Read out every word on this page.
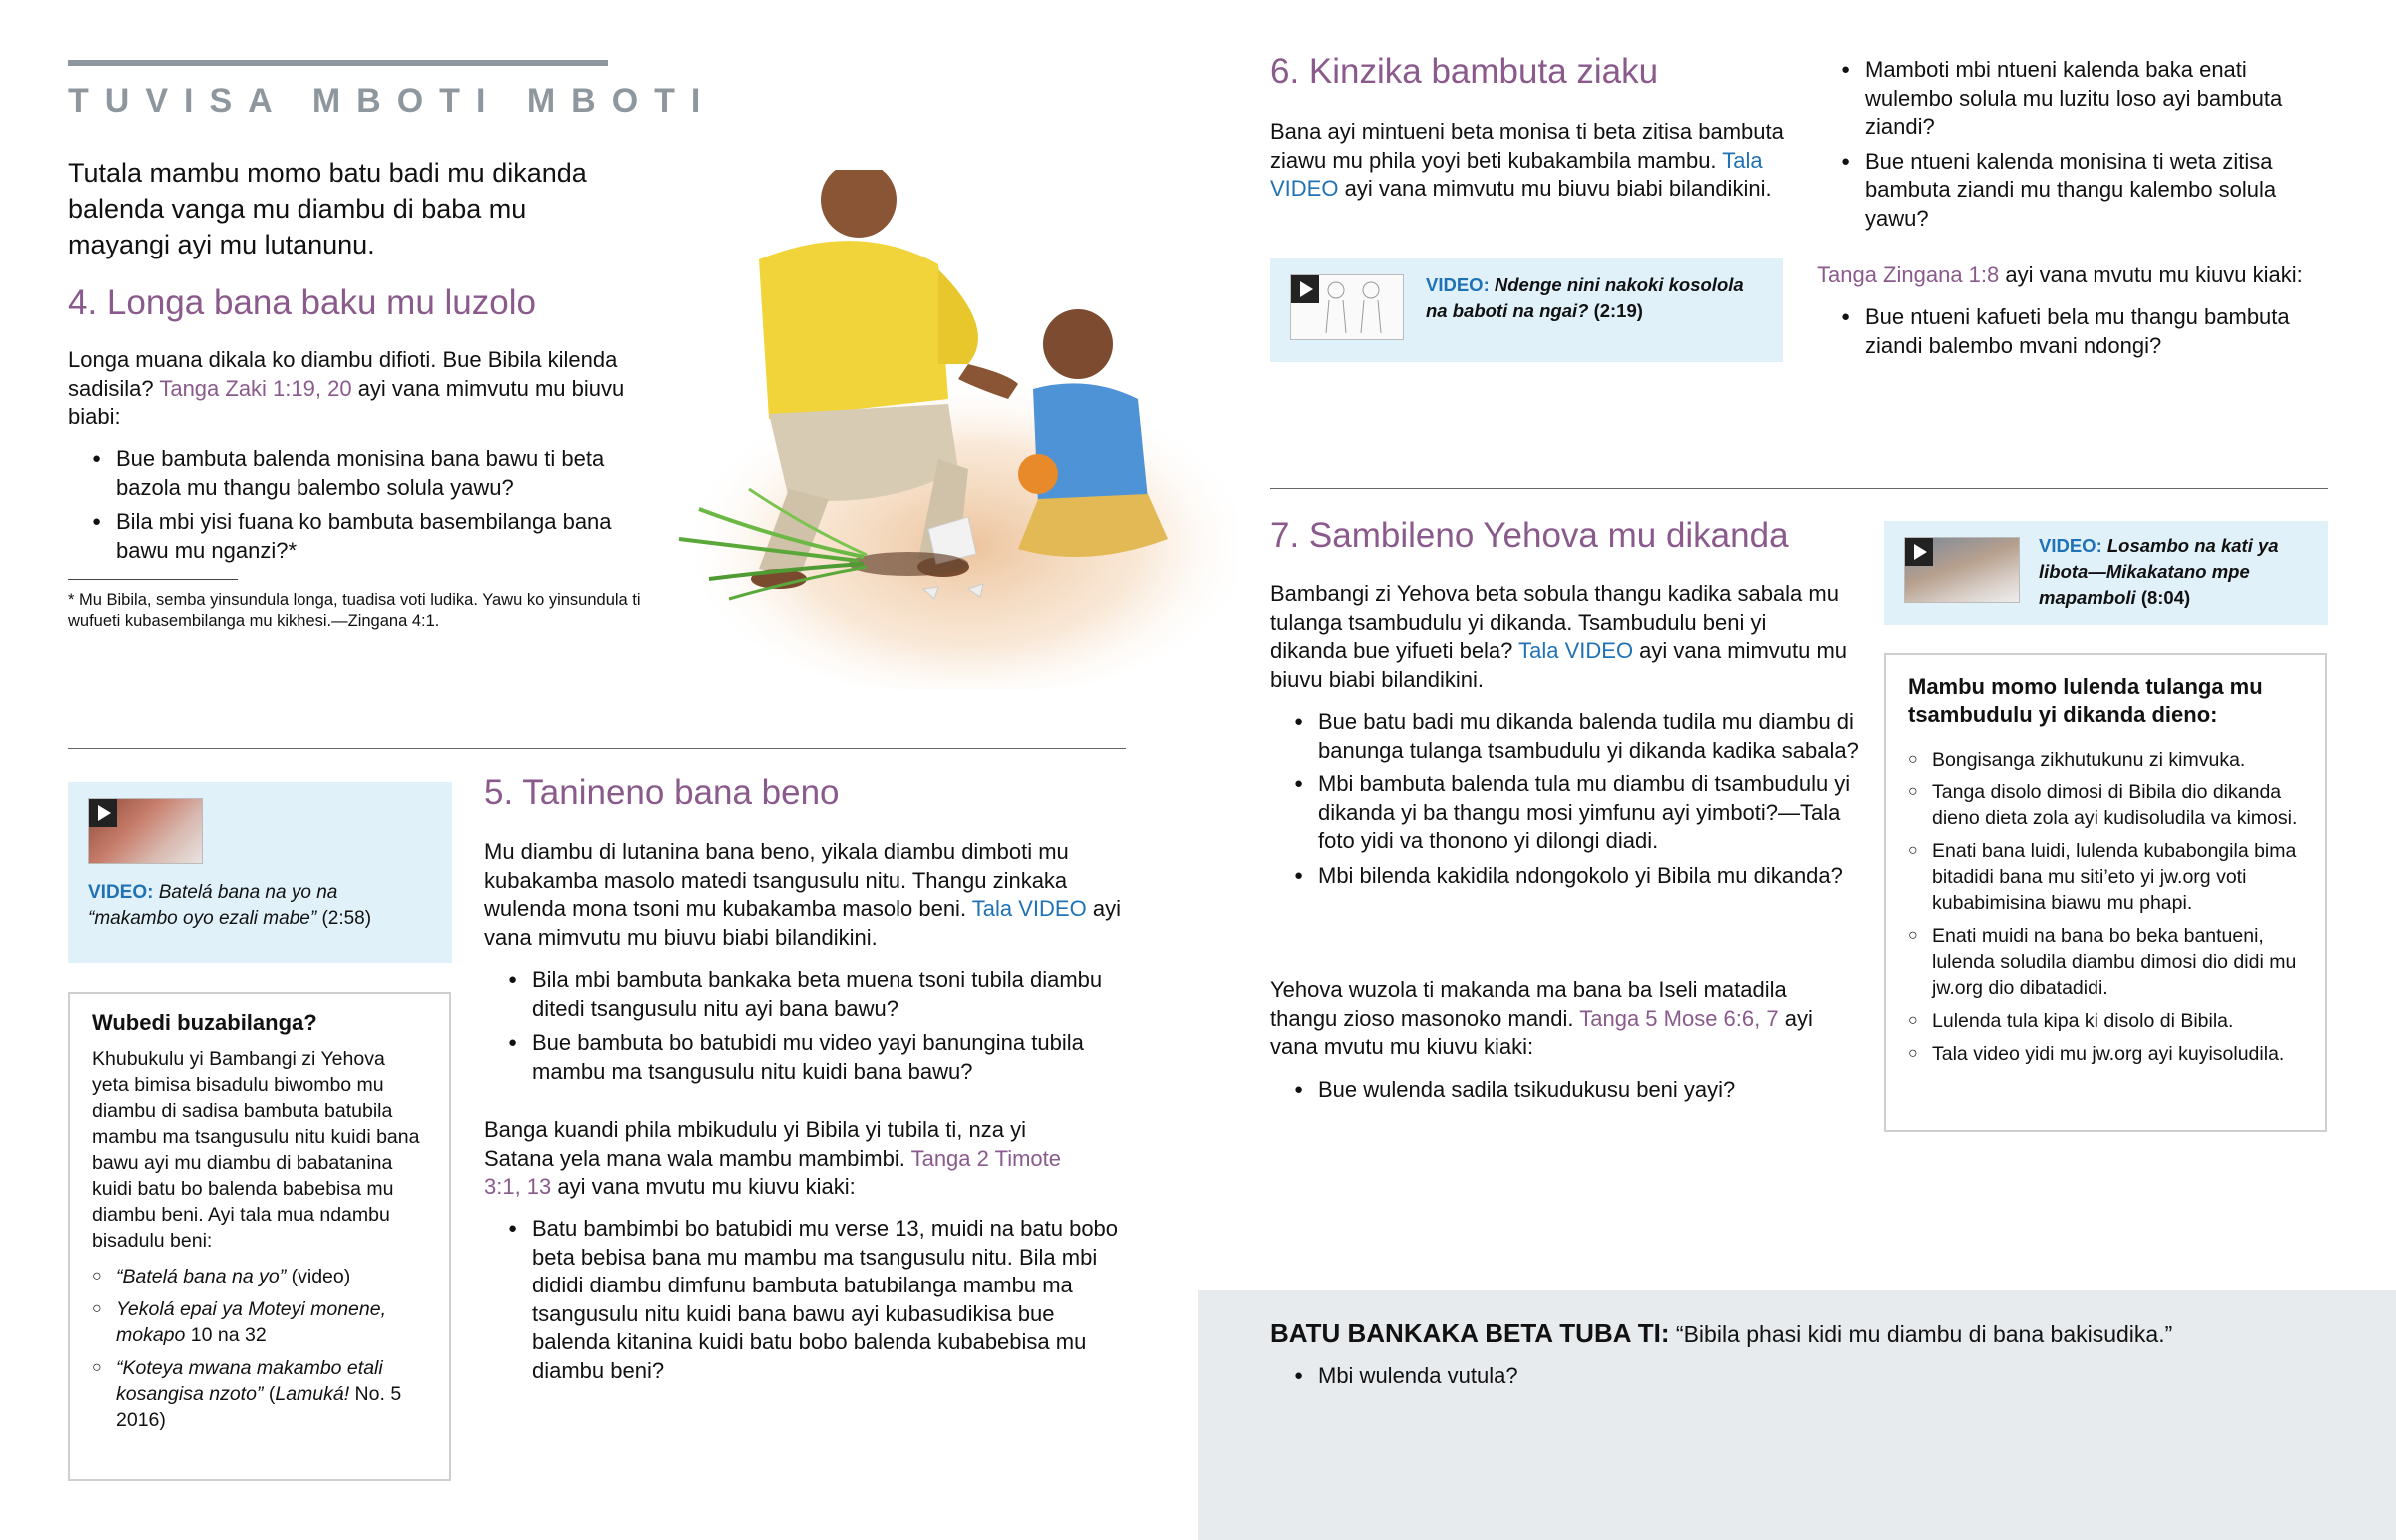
TUVISA MBOTI MBOTI

Tutala mambu momo batu badi mu dikanda balenda vanga mu diambu di baba mu mayangi ayi mu lutanunu.

4. Longa bana baku mu luzolo

Longa muana dikala ko diambu difioti. Bue Bibila kilenda sadisila? Tanga Zaki 1:19, 20 ayi vana mimvutu mu biuvu biabi:

● Bue bambuta balenda monisina bana bawu ti beta bazola mu thangu balembo solula yawu?
● Bila mbi yisi fuana ko bambuta basembilanga bana bawu mu nganzi?*

* Mu Bibila, semba yinsundula longa, tuadisa voti ludika. Yawu ko yinsundula ti wufueti kubasembilanga mu kikhesi.—Zingana 4:1.

VIDEO: Batelá bana na yo na “makambo oyo ezali mabe” (2:58)
Wubedi buzabilanga?

Khubukulu yi Bambangi zi Yehova yeta bimisa bisadulu biwombo mu diambu di sadisa bambuta batubila mambu ma tsangusulu nitu kuidi bana bawu ayi mu diambu di babatanina kuidi batu bo balenda babebisa mu diambu beni. Ayi tala mua ndambu bisadulu beni:

○ “Batelá bana na yo” (video)
○ Yekolá epai ya Moteyi monene, mokapo 10 na 32
○ “Koteya mwana makambo etali kosangisa nzoto” (Lamuká! No. 5 2016)
5. Tanineno bana beno

Mu diambu di lutanina bana beno, yikala diambu dimboti mu kubakamba masolo matedi tsangusulu nitu. Thangu zinkaka wulenda mona tsoni mu kubakamba masolo beni. Tala VIDEO ayi vana mimvutu mu biuvu biabi bilandikini.

● Bila mbi bambuta bankaka beta muena tsoni tubila diambu ditedi tsangusulu nitu ayi bana bawu?
● Bue bambuta bo batubidi mu video yayi banungina tubila mambu ma tsangusulu nitu kuidi bana bawu?

Banga kuandi phila mbikudulu yi Bibila yi tubila ti, nza yi Satana yela mana wala mambu mambimbi. Tanga 2 Timote 3:1, 13 ayi vana mvutu mu kiuvu kiaki:

● Batu bambimbi bo batubidi mu verse 13, muidi na batu bobo beta bebisa bana mu mambu ma tsangusulu nitu. Bila mbi dididi diambu dimfunu bambuta batubilanga mambu ma tsangusulu nitu kuidi bana bawu ayi kubasudikisa bue balenda kitanina kuidi batu bobo balenda kubabebisa mu diambu beni?
6. Kinzika bambuta ziaku

Bana ayi mintueni beta monisa ti beta zitisa bambuta ziawu mu phila yoyi beti kubakambila mambu. Tala VIDEO ayi vana mimvutu mu biuvu biabi bilandikini.

VIDEO: Ndenge nini nakoki kosolola na baboti na ngai? (2:19)
● Mamboti mbi ntueni kalenda baka enati wulembo solula mu luzitu loso ayi bambuta ziandi?
● Bue ntueni kalenda monisina ti weta zitisa bambuta ziandi mu thangu kalembo solula yawu?

Tanga Zingana 1:8 ayi vana mvutu mu kiuvu kiaki:

● Bue ntueni kafueti bela mu thangu bambuta ziandi balembo mvani ndongi?
7. Sambileno Yehova mu dikanda

Bambangi zi Yehova beta sobula thangu kadika sabala mu tulanga tsambudulu yi dikanda. Tsambudulu beni yi dikanda bue yifueti bela? Tala VIDEO ayi vana mimvutu mu biuvu biabi bilandikini.

● Bue batu badi mu dikanda balenda tudila mu diambu di banunga tulanga tsambudulu yi dikanda kadika sabala?
● Mbi bambuta balenda tula mu diambu di tsambudulu yi dikanda yi ba thangu mosi yimfunu ayi yimboti?—Tala foto yidi va thonono yi dilongi diadi.
● Mbi bilenda kakidila ndongokolo yi Bibila mu dikanda?

Yehova wuzola ti makanda ma bana ba Iseli matadila thangu zioso masonoko mandi. Tanga 5 Mose 6:6, 7 ayi vana mvutu mu kiuvu kiaki:

● Bue wulenda sadila tsikudukusu beni yayi?
VIDEO: Losambo na kati ya libota—Mikakatano mpe mapamboli (8:04)
Mambu momo lulenda tulanga mu tsambudulu yi dikanda dieno:
○ Bongisanga zikhutukunu zi kimvuka.
○ Tanga disolo dimosi di Bibila dio dikanda dieno dieta zola ayi kudisoludila va kimosi.
○ Enati bana luidi, lulenda kubabongila bima bitadidi bana mu siti’eto yi jw.org voti kubabimisina biawu mu phapi.
○ Enati muidi na bana bo beka bantueni, lulenda soludila diambu dimosi dio didi mu jw.org dio dibatadidi.
○ Lulenda tula kipa ki disolo di Bibila.
○ Tala video yidi mu jw.org ayi kuyisoludila.

BATU BANKAKA BETA TUBA TI: “Bibila phasi kidi mu diambu di bana bakisudika.”

● Mbi wulenda vutula?
